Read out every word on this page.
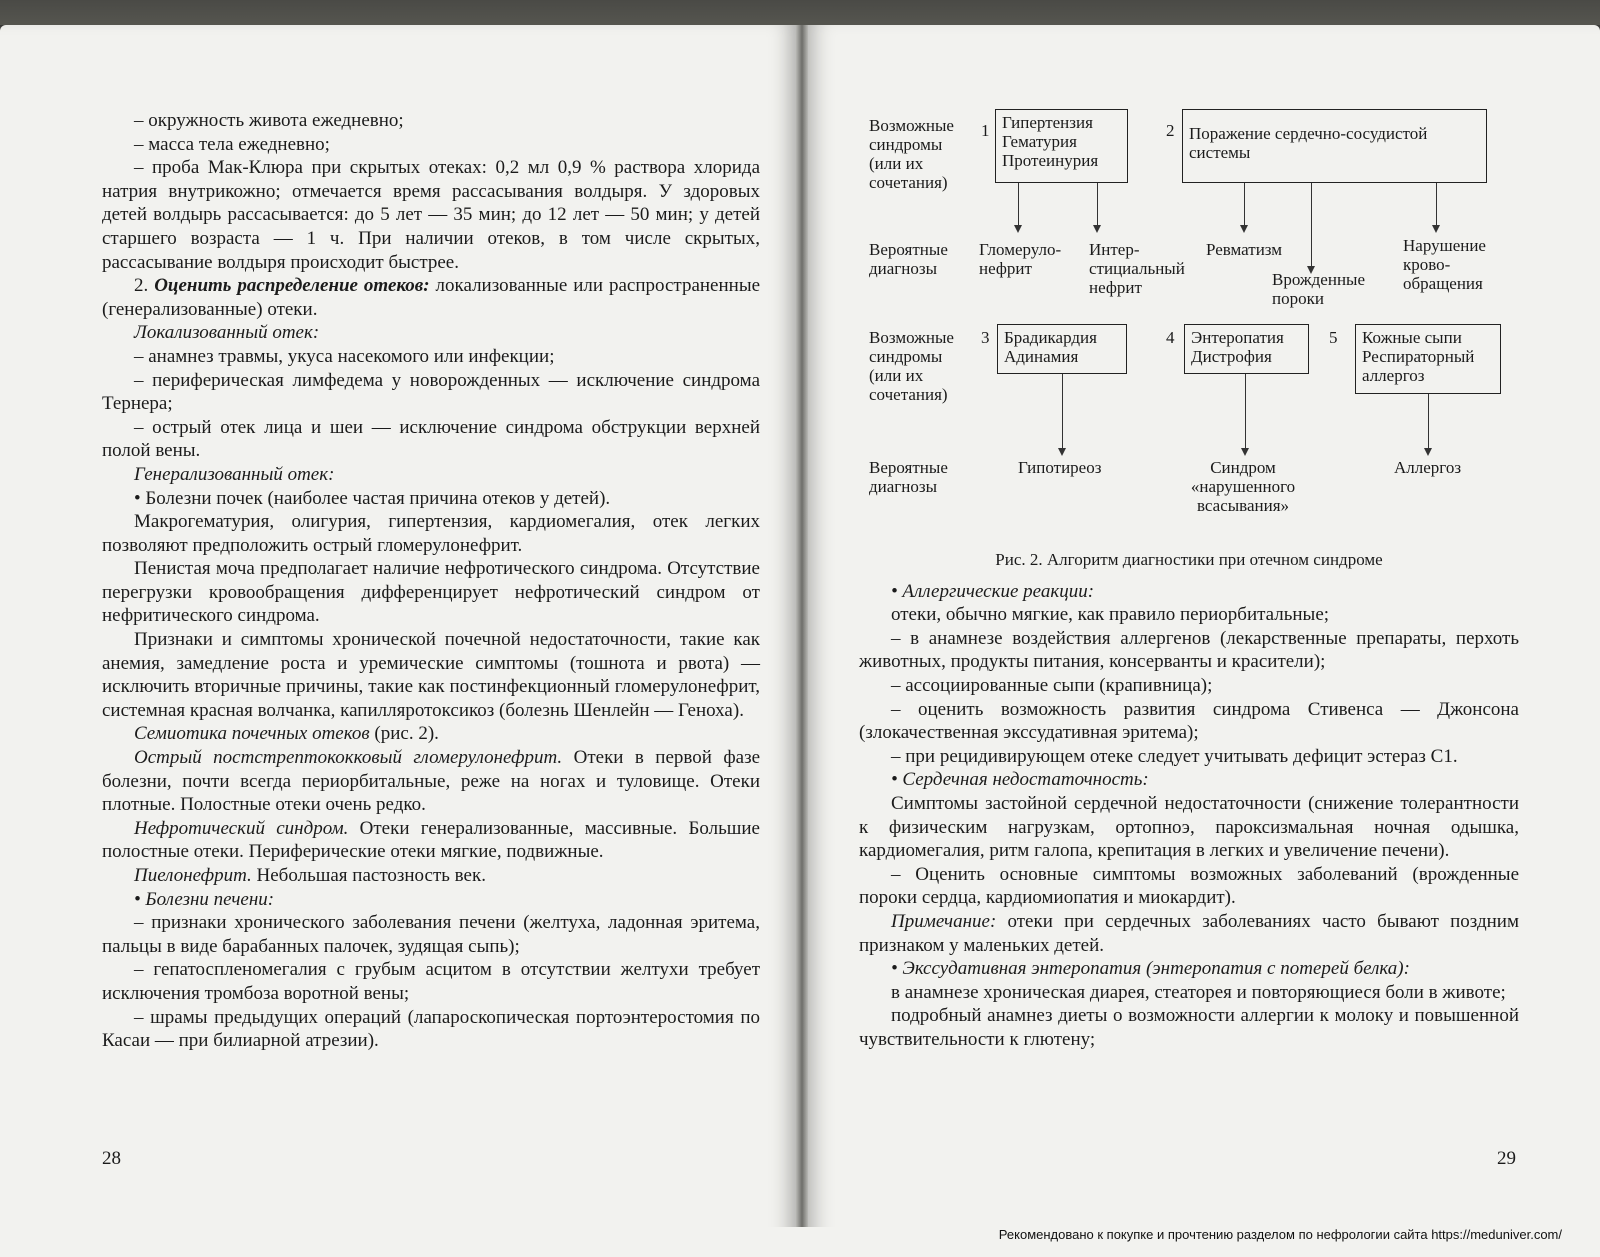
– окружность живота ежедневно;

– масса тела ежедневно;

– проба Мак-Клюра при скрытых отеках: 0,2 мл 0,9 % раствора хлорида натрия внутрикожно; отмечается время рассасывания волдыря. У здоровых детей волдырь рассасывается: до 5 лет — 35 мин; до 12 лет — 50 мин; у детей старшего возраста — 1 ч. При наличии отеков, в том числе скрытых, рассасывание волдыря происходит быстрее.

2. Оценить распределение отеков: локализованные или распространенные (генерализованные) отеки.

Локализованный отек:

– анамнез травмы, укуса насекомого или инфекции;

– периферическая лимфедема у новорожденных — исключение синдрома Тернера;

– острый отек лица и шеи — исключение синдрома обструкции верхней полой вены.

Генерализованный отек:

• Болезни почек (наиболее частая причина отеков у детей).

Макрогематурия, олигурия, гипертензия, кардиомегалия, отек легких позволяют предположить острый гломерулонефрит.

Пенистая моча предполагает наличие нефротического синдрома. Отсутствие перегрузки кровообращения дифференцирует нефротический синдром от нефритического синдрома.

Признаки и симптомы хронической почечной недостаточности, такие как анемия, замедление роста и уремические симптомы (тошнота и рвота) — исключить вторичные причины, такие как постинфекционный гломерулонефрит, системная красная волчанка, капилляротоксикоз (болезнь Шенлейн — Геноха).

Семиотика почечных отеков (рис. 2).

Острый постстрептококковый гломерулонефрит. Отеки в первой фазе болезни, почти всегда периорбитальные, реже на ногах и туловище. Отеки плотные. Полостные отеки очень редко.

Нефротический синдром. Отеки генерализованные, массивные. Большие полостные отеки. Периферические отеки мягкие, подвижные.

Пиелонефрит. Небольшая пастозность век.

• Болезни печени:

– признаки хронического заболевания печени (желтуха, ладонная эритема, пальцы в виде барабанных палочек, зудящая сыпь);

– гепатоспленомегалия с грубым асцитом в отсутствии желтухи требует исключения тромбоза воротной вены;

– шрамы предыдущих операций (лапароскопическая портоэнтеростомия по Касаи — при билиарной атрезии).

28
Возможные синдромы (или их сочетания)
1 Гипертензия Гематурия Протеинурия
2 Поражение сердечно-сосудистой системы
Вероятные диагнозы
Гломеруло-нефрит
Интер-стициальный нефрит
Ревматизм
Врожденные пороки
Нарушение крово-обращения
Возможные синдромы (или их сочетания)
3 Брадикардия Адинамия
4 Энтеропатия Дистрофия
5	Кожные сыпи Респираторный аллергоз
Вероятные диагнозы
Гипотиреоз	Синдром «нарушенного всасывания»
Аллергоз

Рис. 2. Алгоритм диагностики при отечном синдроме

• Аллергические реакции:

отеки, обычно мягкие, как правило периорбитальные;

– в анамнезе воздействия аллергенов (лекарственные препараты, перхоть животных, продукты питания, консерванты и красители);

– ассоциированные сыпи (крапивница);

– оценить возможность развития синдрома Стивенса — Джонсона (злокачественная экссудативная эритема);

– при рецидивирующем отеке следует учитывать дефицит эстераз С1.

• Сердечная недостаточность:

Симптомы застойной сердечной недостаточности (снижение толерантности к физическим нагрузкам, ортопноэ, пароксизмальная ночная одышка, кардиомегалия, ритм галопа, крепитация в легких и увеличение печени).

– Оценить основные симптомы возможных заболеваний (врожденные пороки сердца, кардиомиопатия и миокардит).

Примечание: отеки при сердечных заболеваниях часто бывают поздним признаком у маленьких детей.

• Экссудативная энтеропатия (энтеропатия с потерей белка):

в анамнезе хроническая диарея, стеаторея и повторяющиеся боли в животе;

подробный анамнез диеты о возможности аллергии к молоку и повышенной чувствительности к глютену;

29
Рекомендовано к покупке и прочтению разделом по нефрологии сайта https://meduniver.com/
